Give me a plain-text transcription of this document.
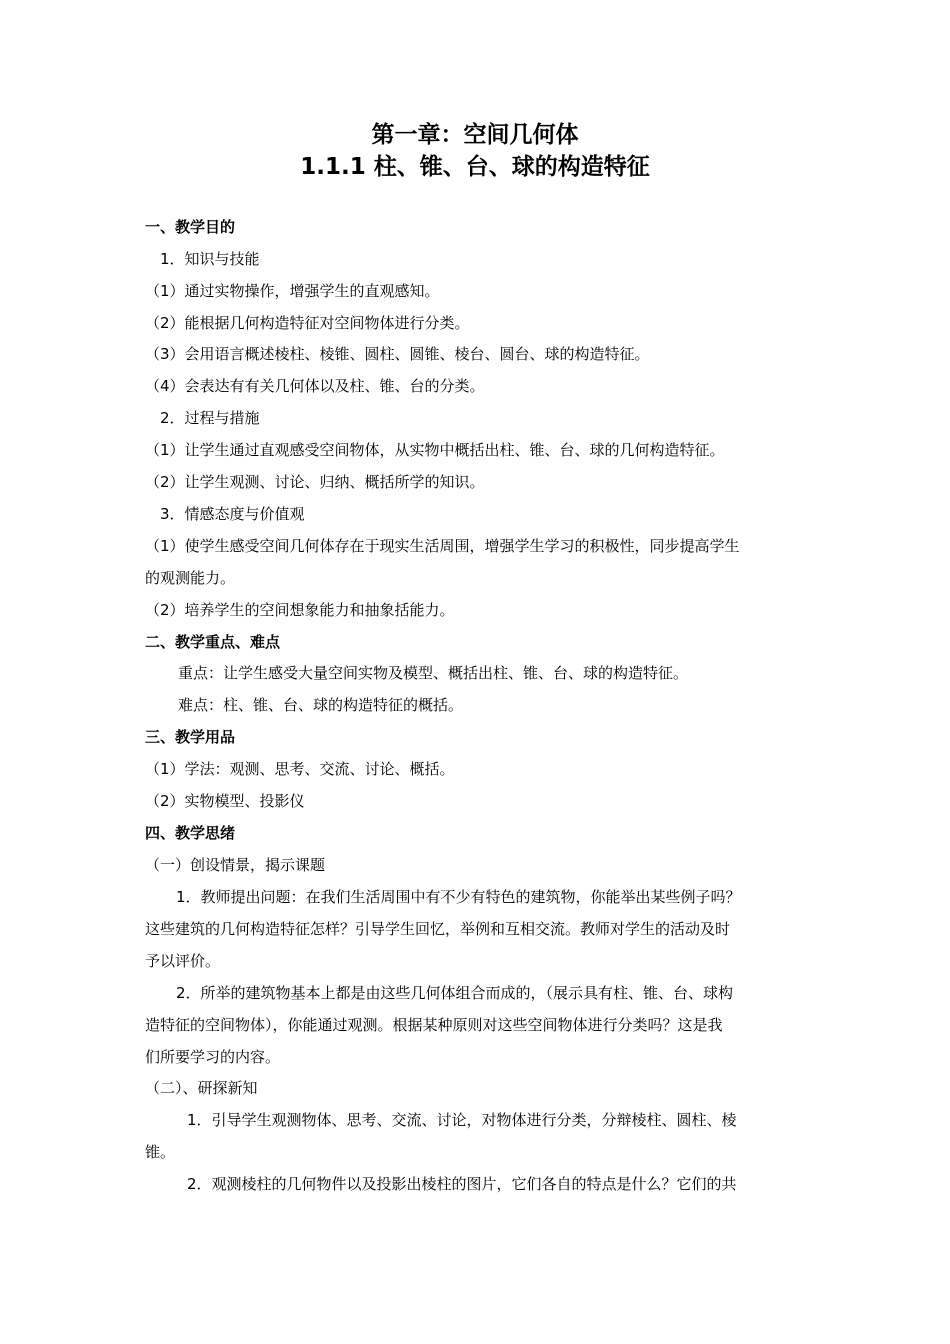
第一章：空间几何体
1.1.1 柱、锥、台、球的构造特征
一、教学目的
1．知识与技能
（1）通过实物操作，增强学生的直观感知。
（2）能根据几何构造特征对空间物体进行分类。
（3）会用语言概述棱柱、棱锥、圆柱、圆锥、棱台、圆台、球的构造特征。
（4）会表达有有关几何体以及柱、锥、台的分类。
2．过程与措施
（1）让学生通过直观感受空间物体，从实物中概括出柱、锥、台、球的几何构造特征。
（2）让学生观测、讨论、归纳、概括所学的知识。
3．情感态度与价值观
（1）使学生感受空间几何体存在于现实生活周围，增强学生学习的积极性，同步提高学生
的观测能力。
（2）培养学生的空间想象能力和抽象括能力。
二、教学重点、难点
重点：让学生感受大量空间实物及模型、概括出柱、锥、台、球的构造特征。
难点：柱、锥、台、球的构造特征的概括。
三、教学用品
（1）学法：观测、思考、交流、讨论、概括。
（2）实物模型、投影仪
四、教学思绪
（一）创设情景，揭示课题
1．教师提出问题：在我们生活周围中有不少有特色的建筑物，你能举出某些例子吗？
这些建筑的几何构造特征怎样？引导学生回忆，举例和互相交流。教师对学生的活动及时
予以评价。
2．所举的建筑物基本上都是由这些几何体组合而成的，（展示具有柱、锥、台、球构
造特征的空间物体），你能通过观测。根据某种原则对这些空间物体进行分类吗？这是我
们所要学习的内容。
（二）、研探新知
1．引导学生观测物体、思考、交流、讨论，对物体进行分类，分辩棱柱、圆柱、棱
锥。
2．观测棱柱的几何物件以及投影出棱柱的图片，它们各自的特点是什么？它们的共
